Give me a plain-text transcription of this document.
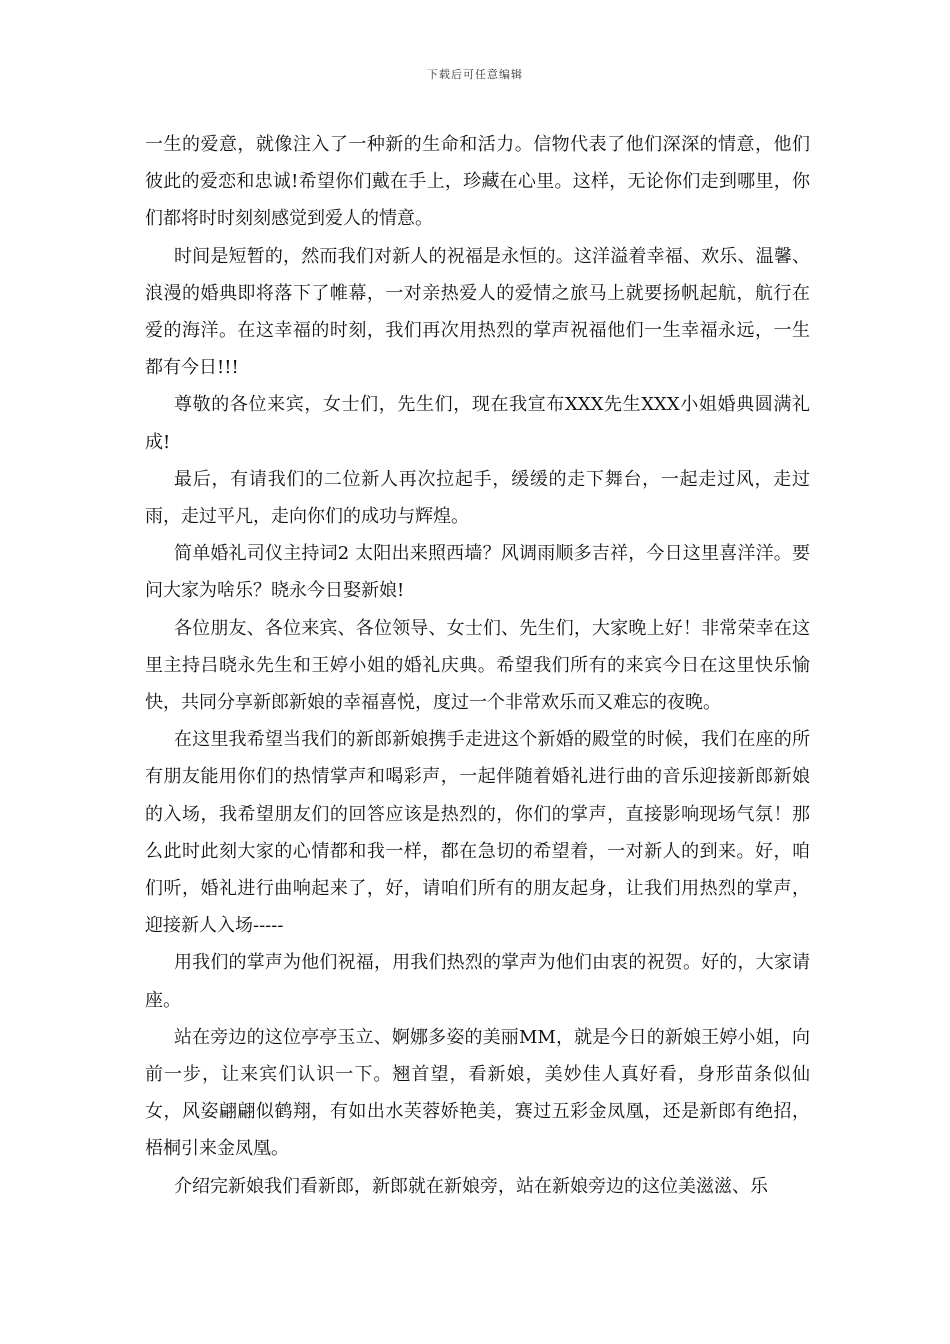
下载后可任意编辑

一生的爱意，就像注入了一种新的生命和活力。信物代表了他们深深的情意，他们彼此的爱恋和忠诚!希望你们戴在手上，珍藏在心里。这样，无论你们走到哪里，你们都将时时刻刻感觉到爱人的情意。

时间是短暂的，然而我们对新人的祝福是永恒的。这洋溢着幸福、欢乐、温馨、浪漫的婚典即将落下了帷幕，一对亲热爱人的爱情之旅马上就要扬帆起航，航行在爱的海洋。在这幸福的时刻，我们再次用热烈的掌声祝福他们一生幸福永远，一生都有今日!!!

尊敬的各位来宾，女士们，先生们，现在我宣布XXX先生XXX小姐婚典圆满礼成!

最后，有请我们的二位新人再次拉起手，缓缓的走下舞台，一起走过风，走过雨，走过平凡，走向你们的成功与辉煌。

简单婚礼司仪主持词2 太阳出来照西墙？风调雨顺多吉祥，今日这里喜洋洋。要问大家为啥乐？晓永今日娶新娘!

各位朋友、各位来宾、各位领导、女士们、先生们，大家晚上好！非常荣幸在这里主持吕晓永先生和王婷小姐的婚礼庆典。希望我们所有的来宾今日在这里快乐愉快，共同分享新郎新娘的幸福喜悦，度过一个非常欢乐而又难忘的夜晚。

在这里我希望当我们的新郎新娘携手走进这个新婚的殿堂的时候，我们在座的所有朋友能用你们的热情掌声和喝彩声，一起伴随着婚礼进行曲的音乐迎接新郎新娘的入场，我希望朋友们的回答应该是热烈的，你们的掌声，直接影响现场气氛！那么此时此刻大家的心情都和我一样，都在急切的希望着，一对新人的到来。好，咱们听，婚礼进行曲响起来了，好，请咱们所有的朋友起身，让我们用热烈的掌声，迎接新人入场-----

用我们的掌声为他们祝福，用我们热烈的掌声为他们由衷的祝贺。好的，大家请座。

站在旁边的这位亭亭玉立、婀娜多姿的美丽MM，就是今日的新娘王婷小姐，向前一步，让来宾们认识一下。翘首望，看新娘，美妙佳人真好看，身形苗条似仙女，风姿翩翩似鹤翔，有如出水芙蓉娇艳美，赛过五彩金凤凰，还是新郎有绝招，梧桐引来金凤凰。

介绍完新娘我们看新郎，新郎就在新娘旁，站在新娘旁边的这位美滋滋、乐
